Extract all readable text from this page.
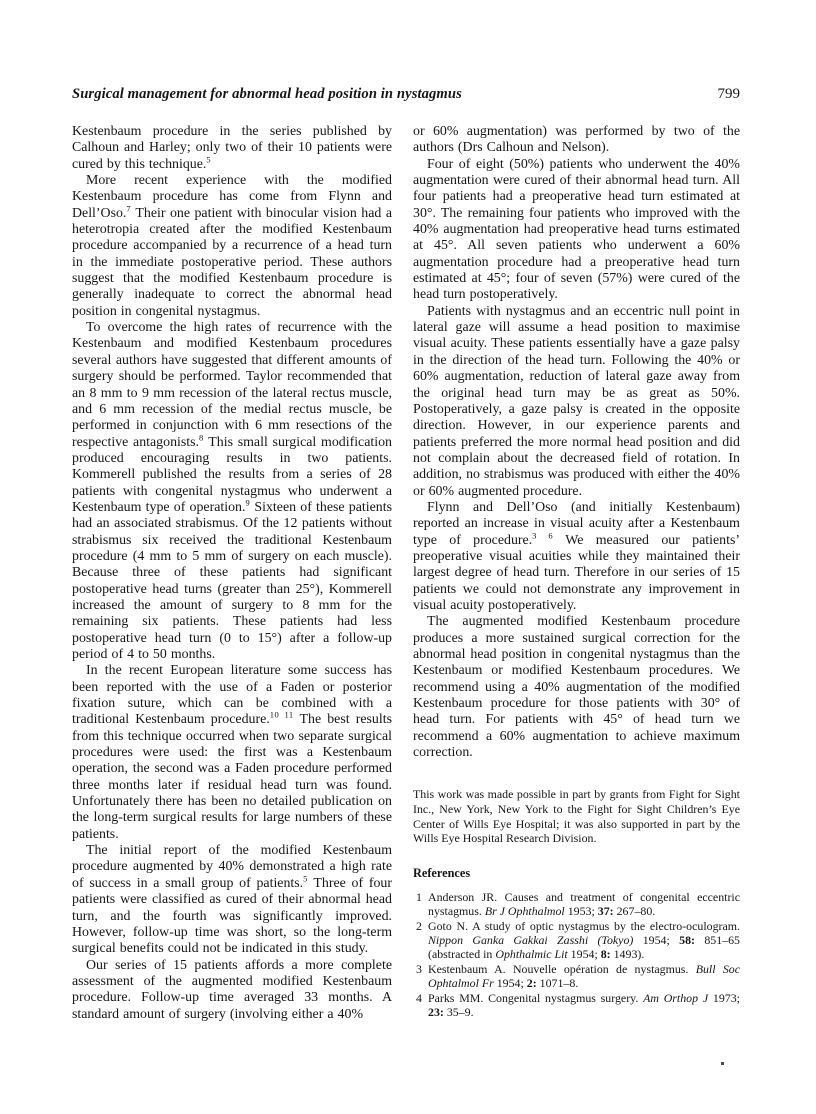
Surgical management for abnormal head position in nystagmus	799

Kestenbaum procedure in the series published by Calhoun and Harley; only two of their 10 patients were cured by this technique.$^5$

More recent experience with the modified Kestenbaum procedure has come from Flynn and Dell’Oso.$^7$ Their one patient with binocular vision had a heterotropia created after the modified Kestenbaum procedure accompanied by a recurrence of a head turn in the immediate postoperative period. These authors suggest that the modified Kestenbaum procedure is generally inadequate to correct the abnormal head position in congenital nystagmus.

To overcome the high rates of recurrence with the Kestenbaum and modified Kestenbaum procedures several authors have suggested that different amounts of surgery should be performed. Taylor recommended that an 8 mm to 9 mm recession of the lateral rectus muscle, and 6 mm recession of the medial rectus muscle, be performed in conjunction with 6 mm resections of the respective antagonists.$^8$ This small surgical modification produced encouraging results in two patients. Kommerell published the results from a series of 28 patients with congenital nystagmus who underwent a Kestenbaum type of operation.$^9$ Sixteen of these patients had an associated strabismus. Of the 12 patients without strabismus six received the traditional Kestenbaum procedure (4 mm to 5 mm of surgery on each muscle). Because three of these patients had significant postoperative head turns (greater than 25°), Kommerell increased the amount of surgery to 8 mm for the remaining six patients. These patients had less postoperative head turn (0 to 15°) after a follow-up period of 4 to 50 months.

In the recent European literature some success has been reported with the use of a Faden or posterior fixation suture, which can be combined with a traditional Kestenbaum procedure.$^{10 11}$ The best results from this technique occurred when two separate surgical procedures were used: the first was a Kestenbaum operation, the second was a Faden procedure performed three months later if residual head turn was found. Unfortunately there has been no detailed publication on the long-term surgical results for large numbers of these patients.

The initial report of the modified Kestenbaum procedure augmented by 40% demonstrated a high rate of success in a small group of patients.$^5$ Three of four patients were classified as cured of their abnormal head turn, and the fourth was significantly improved. However, follow-up time was short, so the long-term surgical benefits could not be indicated in this study.

Our series of 15 patients affords a more complete assessment of the augmented modified Kestenbaum procedure. Follow-up time averaged 33 months. A standard amount of surgery (involving either a 40%

or 60% augmentation) was performed by two of the authors (Drs Calhoun and Nelson).

Four of eight (50%) patients who underwent the 40% augmentation were cured of their abnormal head turn. All four patients had a preoperative head turn estimated at 30°. The remaining four patients who improved with the 40% augmentation had preoperative head turns estimated at 45°. All seven patients who underwent a 60% augmentation procedure had a preoperative head turn estimated at 45°; four of seven (57%) were cured of the head turn postoperatively.

Patients with nystagmus and an eccentric null point in lateral gaze will assume a head position to maximise visual acuity. These patients essentially have a gaze palsy in the direction of the head turn. Following the 40% or 60% augmentation, reduction of lateral gaze away from the original head turn may be as great as 50%. Postoperatively, a gaze palsy is created in the opposite direction. However, in our experience parents and patients preferred the more normal head position and did not complain about the decreased field of rotation. In addition, no strabismus was produced with either the 40% or 60% augmented procedure.

Flynn and Dell’Oso (and initially Kestenbaum) reported an increase in visual acuity after a Kestenbaum type of procedure.$^{3 6}$ We measured our patients’ preoperative visual acuities while they maintained their largest degree of head turn. Therefore in our series of 15 patients we could not demonstrate any improvement in visual acuity postoperatively.

The augmented modified Kestenbaum procedure produces a more sustained surgical correction for the abnormal head position in congenital nystagmus than the Kestenbaum or modified Kestenbaum procedures. We recommend using a 40% augmentation of the modified Kestenbaum procedure for those patients with 30° of head turn. For patients with 45° of head turn we recommend a 60% augmentation to achieve maximum correction.

This work was made possible in part by grants from Fight for Sight Inc., New York, New York to the Fight for Sight Children’s Eye Center of Wills Eye Hospital; it was also supported in part by the Wills Eye Hospital Research Division.

References

1 Anderson JR. Causes and treatment of congenital eccentric nystagmus. Br J Ophthalmol 1953; 37: 267–80.
2 Goto N. A study of optic nystagmus by the electro-oculogram. Nippon Ganka Gakkai Zasshi (Tokyo) 1954; 58: 851–65 (abstracted in Ophthalmic Lit 1954; 8: 1493).
3 Kestenbaum A. Nouvelle opération de nystagmus. Bull Soc Ophtalmol Fr 1954; 2: 1071–8.
4 Parks MM. Congenital nystagmus surgery. Am Orthop J 1973; 23: 35–9.
